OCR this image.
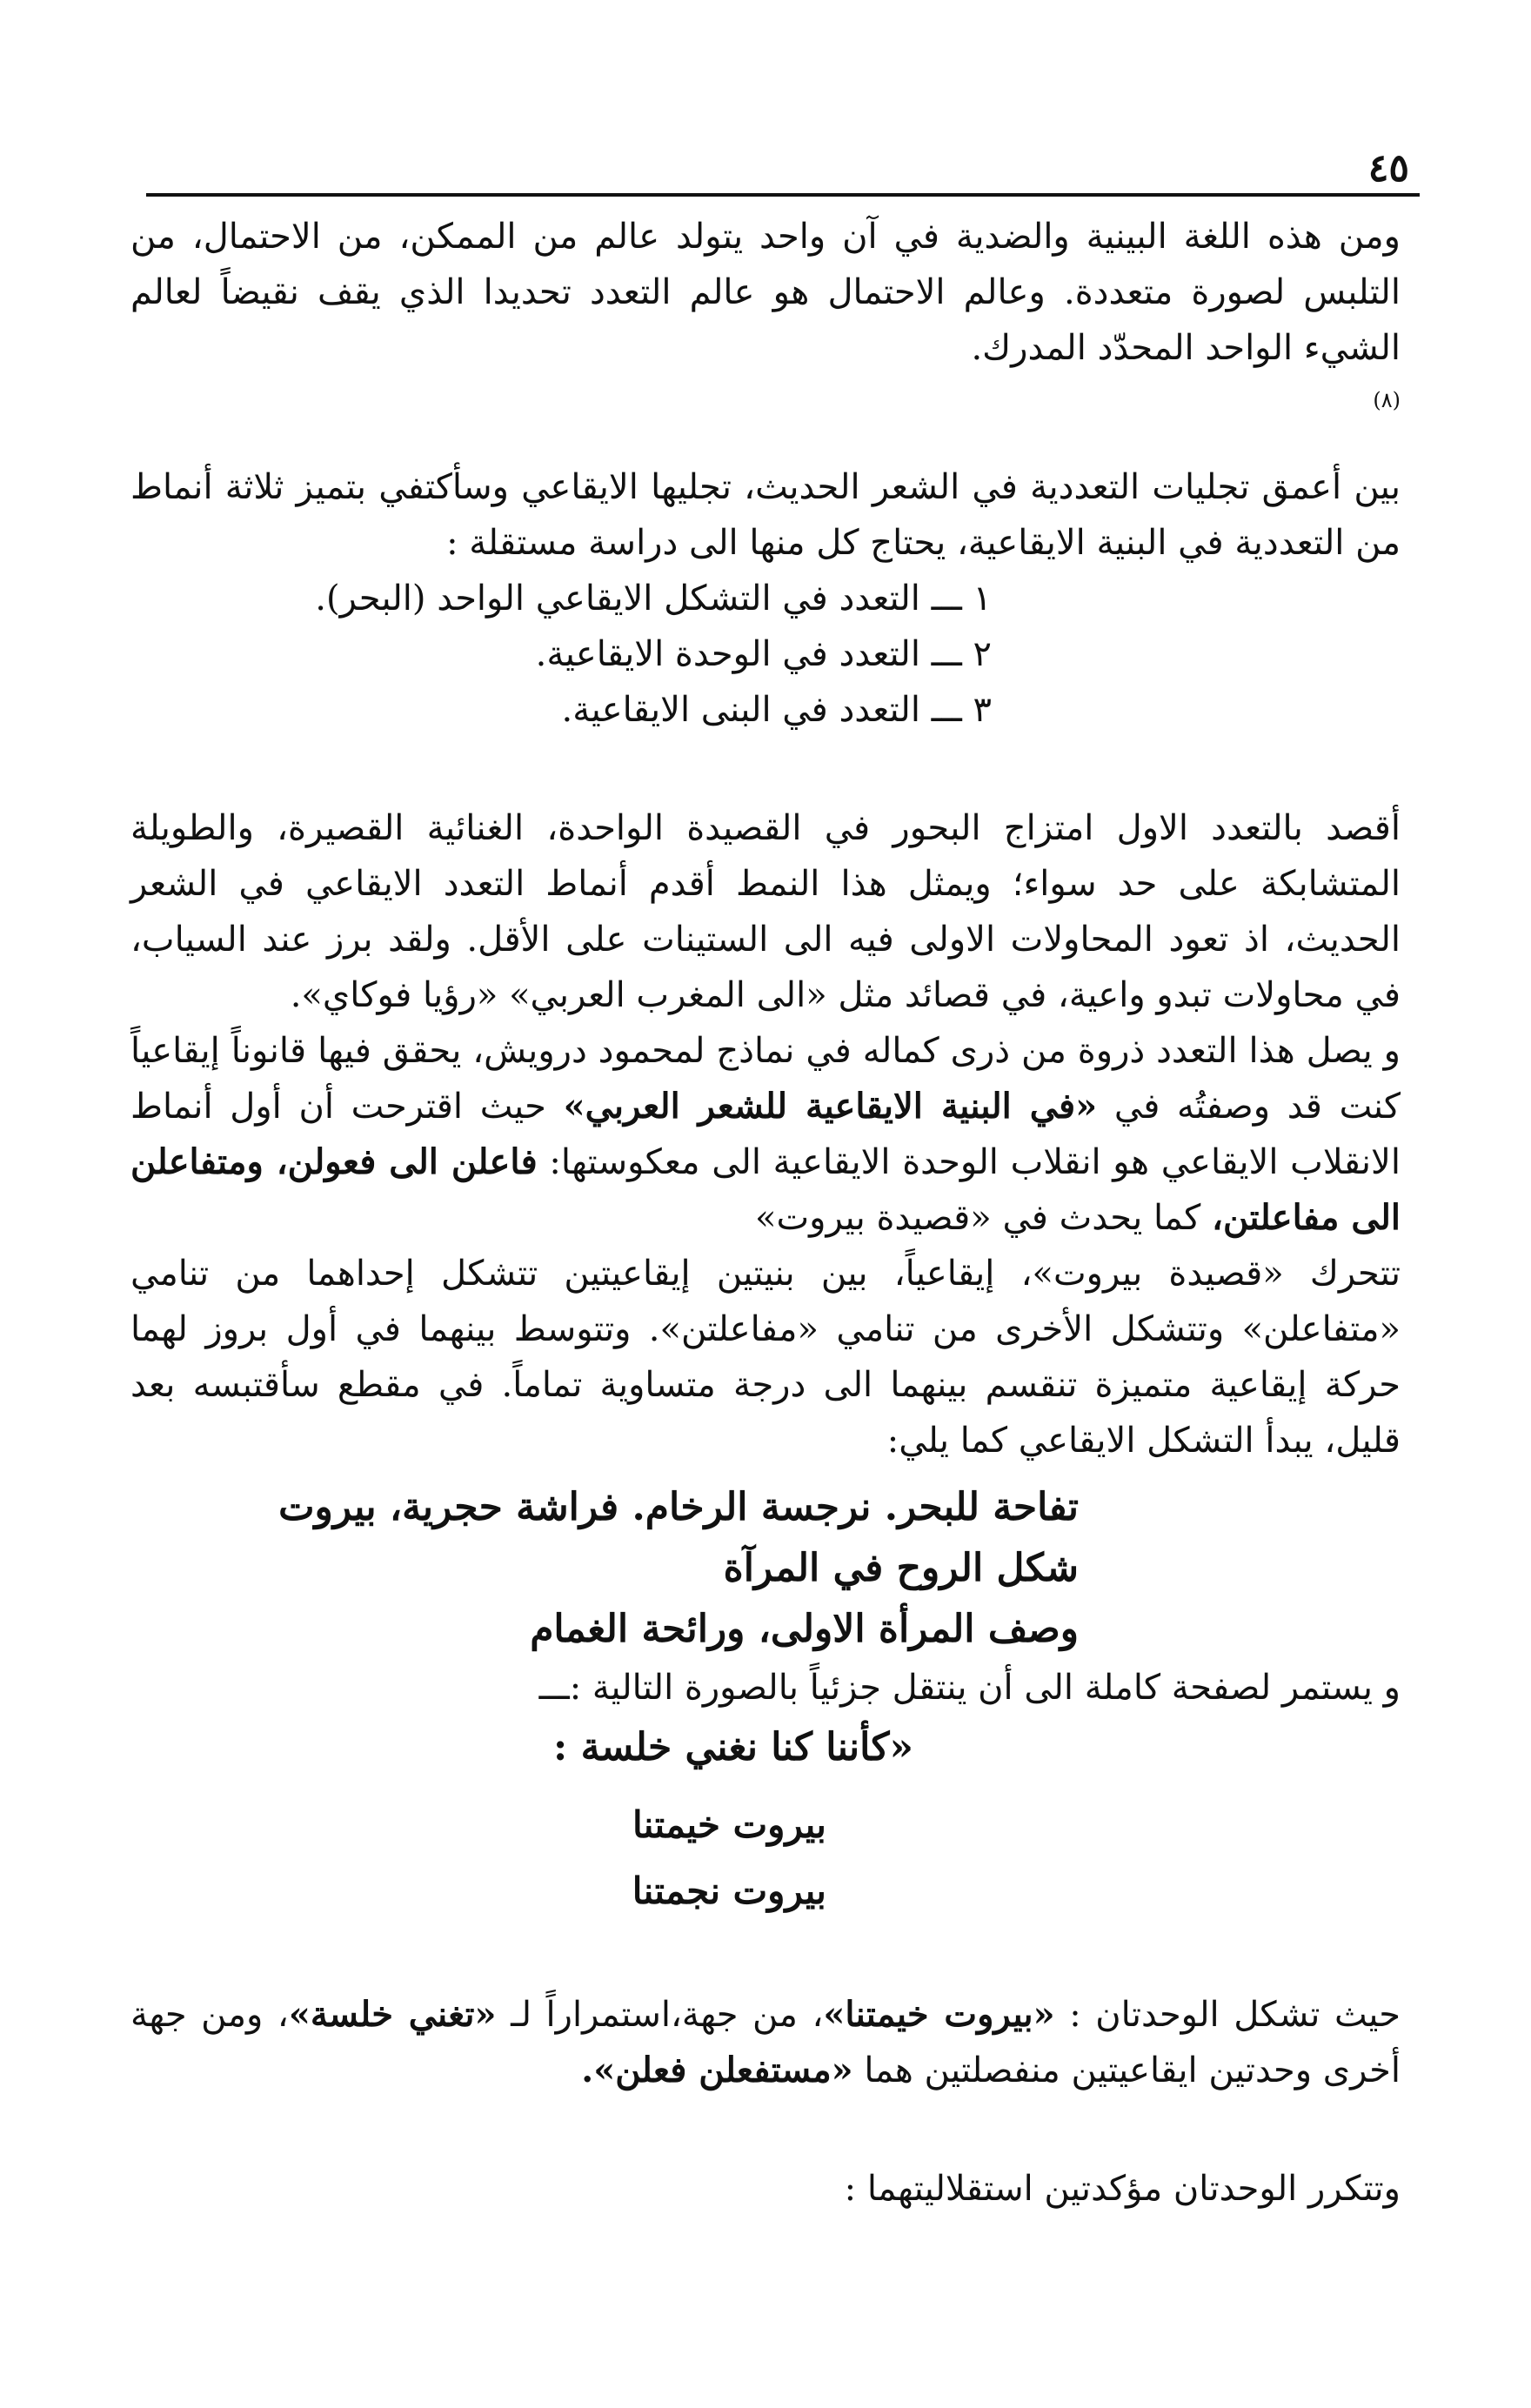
٤٥

ومن هذه اللغة البينية والضدية في آن واحد يتولد عالم من الممكن، من الاحتمال، من التلبس لصورة متعددة. وعالم الاحتمال هو عالم التعدد تحديدا الذي يقف نقيضاً لعالم الشيء الواحد المحدّد المدرك.

(٨)

بين أعمق تجليات التعددية في الشعر الحديث، تجليها الايقاعي وسأكتفي بتميز ثلاثة أنماط من التعددية في البنية الايقاعية، يحتاج كل منها الى دراسة مستقلة :

١ ـــ التعدد في التشكل الايقاعي الواحد (البحر).
٢ ـــ التعدد في الوحدة الايقاعية.
٣ ـــ التعدد في البنى الايقاعية.

أقصد بالتعدد الاول امتزاج البحور في القصيدة الواحدة، الغنائية القصيرة، والطويلة المتشابكة على حد سواء؛ ويمثل هذا النمط أقدم أنماط التعدد الايقاعي في الشعر الحديث، اذ تعود المحاولات الاولى فيه الى الستينات على الأقل. ولقد برز عند السياب، في محاولات تبدو واعية، في قصائد مثل «الى المغرب العربي» «رؤيا فوكاي».

و يصل هذا التعدد ذروة من ذرى كماله في نماذج لمحمود درويش، يحقق فيها قانوناً إيقاعياً كنت قد وصفتُه في «في البنية الايقاعية للشعر العربي» حيث اقترحت أن أول أنماط الانقلاب الايقاعي هو انقلاب الوحدة الايقاعية الى معكوستها: فاعلن الى فعولن، ومتفاعلن الى مفاعلتن، كما يحدث في «قصيدة بيروت»

تتحرك «قصيدة بيروت»، إيقاعياً، بين بنيتين إيقاعيتين تتشكل إحداهما من تنامي «متفاعلن» وتتشكل الأخرى من تنامي «مفاعلتن». وتتوسط بينهما في أول بروز لهما حركة إيقاعية متميزة تنقسم بينهما الى درجة متساوية تماماً. في مقطع سأقتبسه بعد قليل، يبدأ التشكل الايقاعي كما يلي:

تفاحة للبحر. نرجسة الرخام. فراشة حجرية، بيروت
شكل الروح في المرآة
وصف المرأة الاولى، ورائحة الغمام

و يستمر لصفحة كاملة الى أن ينتقل جزئياً بالصورة التالية :ـــ

«كأننا كنا نغني خلسة :

بيروت خيمتنا
بيروت نجمتنا

حيث تشكل الوحدتان : «بيروت خيمتنا»، من جهة،استمراراً لـ «تغني خلسة»، ومن جهة أخرى وحدتين ايقاعيتين منفصلتين هما «مستفعلن فعلن».

وتتكرر الوحدتان مؤكدتين استقلاليتهما :
